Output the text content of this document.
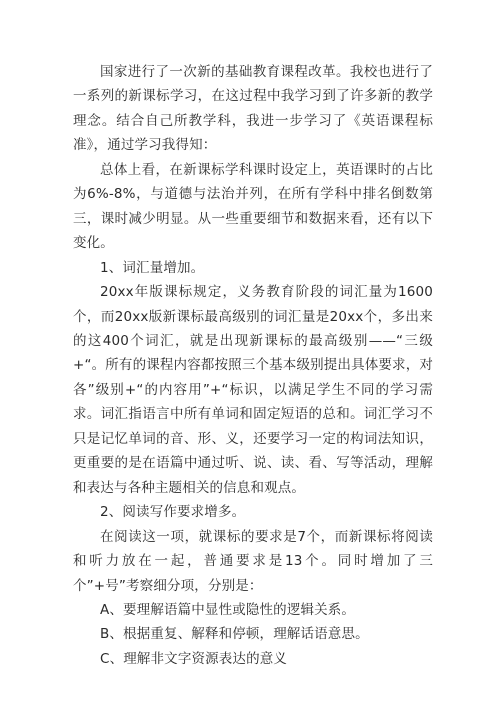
国家进行了一次新的基础教育课程改革。我校也进行了一系列的新课标学习，在这过程中我学习到了许多新的教学理念。结合自己所教学科，我进一步学习了《英语课程标准》，通过学习我得知：

总体上看，在新课标学科课时设定上，英语课时的占比为6%-8%，与道德与法治并列，在所有学科中排名倒数第三，课时减少明显。从一些重要细节和数据来看，还有以下变化。

1、词汇量增加。

20xx年版课标规定，义务教育阶段的词汇量为1600个，而20xx版新课标最高级别的词汇量是20xx个，多出来的这400个词汇，就是出现新课标的最高级别——“三级+“。所有的课程内容都按照三个基本级别提出具体要求，对各”级别+“的内容用”+“标识，以满足学生不同的学习需求。词汇指语言中所有单词和固定短语的总和。词汇学习不只是记忆单词的音、形、义，还要学习一定的构词法知识，更重要的是在语篇中通过听、说、读、看、写等活动，理解和表达与各种主题相关的信息和观点。

2、阅读写作要求增多。

在阅读这一项，就课标的要求是7个，而新课标将阅读和听力放在一起，普通要求是13个。同时增加了三个”+号”考察细分项，分别是：

A、要理解语篇中显性或隐性的逻辑关系。

B、根据重复、解释和停顿，理解话语意思。

C、理解非文字资源表达的意义
